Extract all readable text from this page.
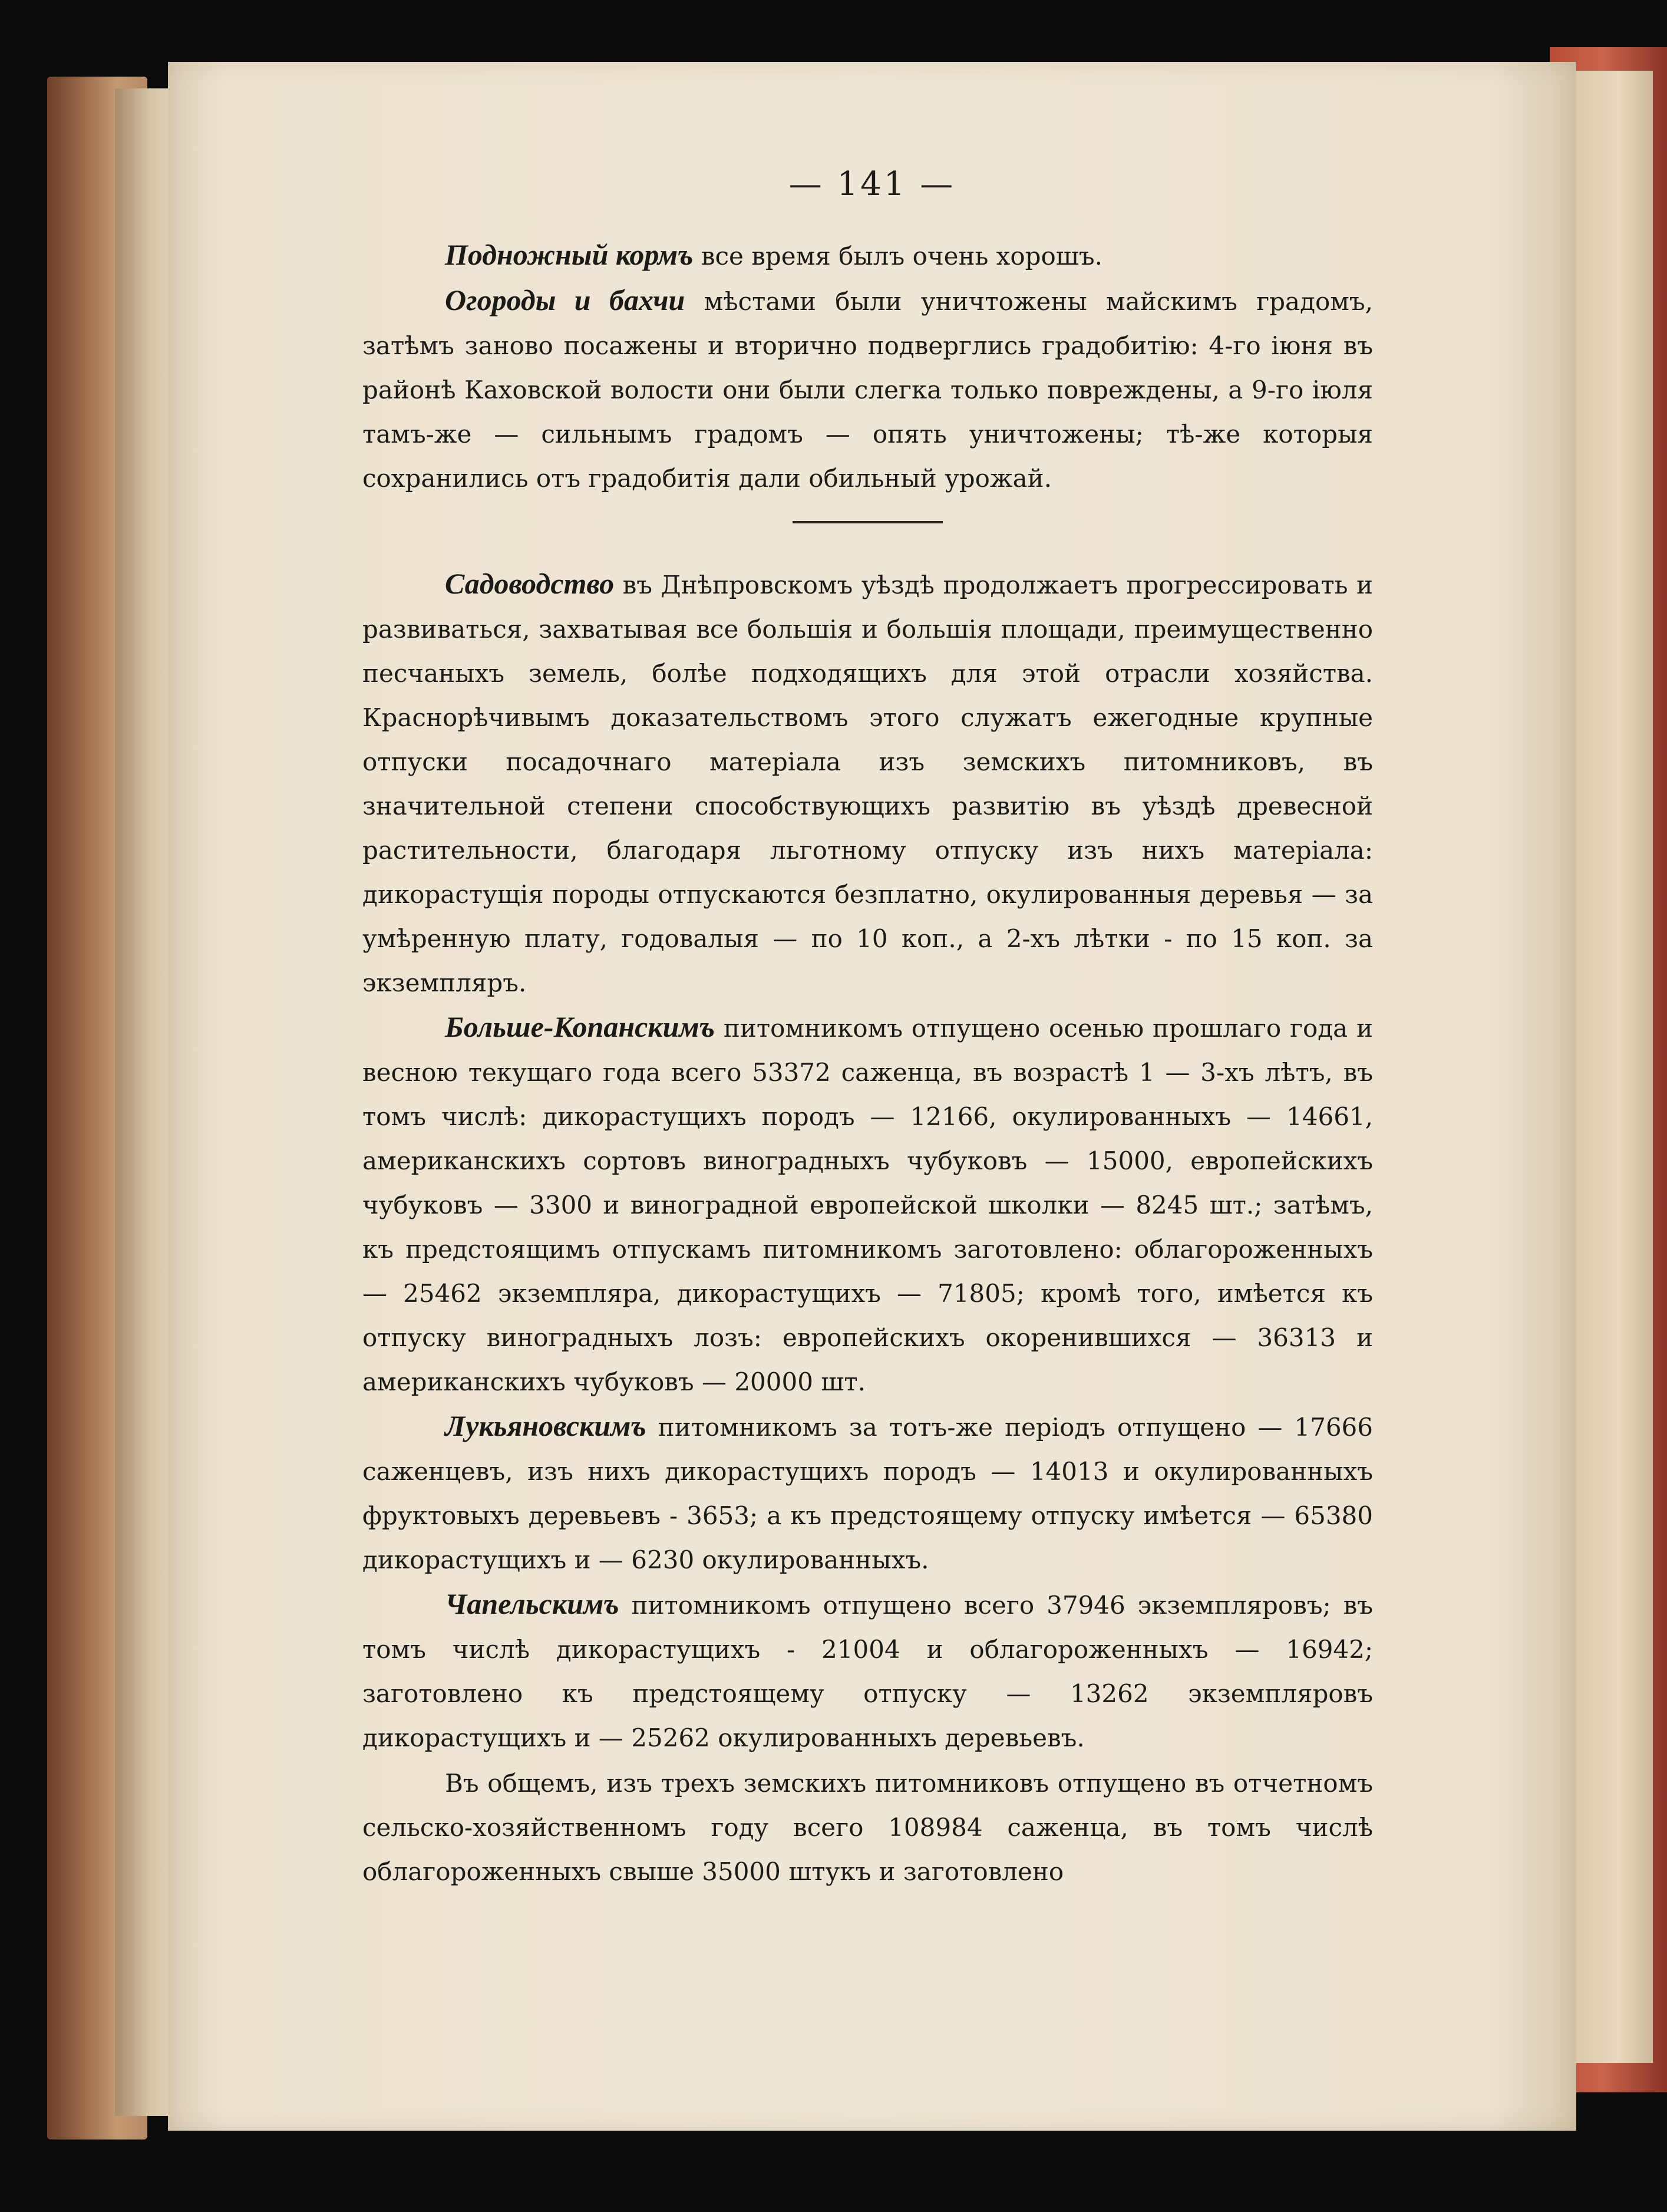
— 141 —

Подножный кормъ все время былъ очень хорошъ.

Огороды и бахчи мѣстами были уничтожены майскимъ градомъ, затѣмъ заново посажены и вторично подверглись градобитію: 4-го іюня въ районѣ Каховской волости они были слегка только повреждены, а 9-го іюля тамъ-же — сильнымъ градомъ — опять уничтожены; тѣ-же которыя сохранились отъ градобитія дали обильный урожай.

Садоводство въ Днѣпровскомъ уѣздѣ продолжаетъ прогрессировать и развиваться, захватывая все большія и большія площади, преимущественно песчаныхъ земель, болѣе подходящихъ для этой отрасли хозяйства. Краснорѣчивымъ доказательствомъ этого служатъ ежегодные крупные отпуски посадочнаго матеріала изъ земскихъ питомниковъ, въ значительной степени способствующихъ развитію въ уѣздѣ древесной растительности, благодаря льготному отпуску изъ нихъ матеріала: дикорастущія породы отпускаются безплатно, окулированныя деревья — за умѣренную плату, годовалыя — по 10 коп., а 2-хъ лѣтки - по 15 коп. за экземпляръ.

Больше-Копанскимъ питомникомъ отпущено осенью прошлаго года и весною текущаго года всего 53372 саженца, въ возрастѣ 1 — 3-хъ лѣтъ, въ томъ числѣ: дикорастущихъ породъ — 12166, окулированныхъ — 14661, американскихъ сортовъ виноградныхъ чубуковъ — 15000, европейскихъ чубуковъ — 3300 и виноградной европейской школки — 8245 шт.; затѣмъ, къ предстоящимъ отпускамъ питомникомъ заготовлено: облагороженныхъ — 25462 экземпляра, дикорастущихъ — 71805; кромѣ того, имѣется къ отпуску виноградныхъ лозъ: европейскихъ окоренившихся — 36313 и американскихъ чубуковъ — 20000 шт.

Лукьяновскимъ питомникомъ за тотъ-же періодъ отпущено — 17666 саженцевъ, изъ нихъ дикорастущихъ породъ — 14013 и окулированныхъ фруктовыхъ деревьевъ - 3653; а къ предстоящему отпуску имѣется — 65380 дикорастущихъ и — 6230 окулированныхъ.

Чапельскимъ питомникомъ отпущено всего 37946 экземпляровъ; въ томъ числѣ дикорастущихъ - 21004 и облагороженныхъ — 16942; заготовлено къ предстоящему отпуску — 13262 экземпляровъ дикорастущихъ и — 25262 окулированныхъ деревьевъ.

Въ общемъ, изъ трехъ земскихъ питомниковъ отпущено въ отчетномъ сельско-хозяйственномъ году всего 108984 саженца, въ томъ числѣ облагороженныхъ свыше 35000 штукъ и заготовлено
